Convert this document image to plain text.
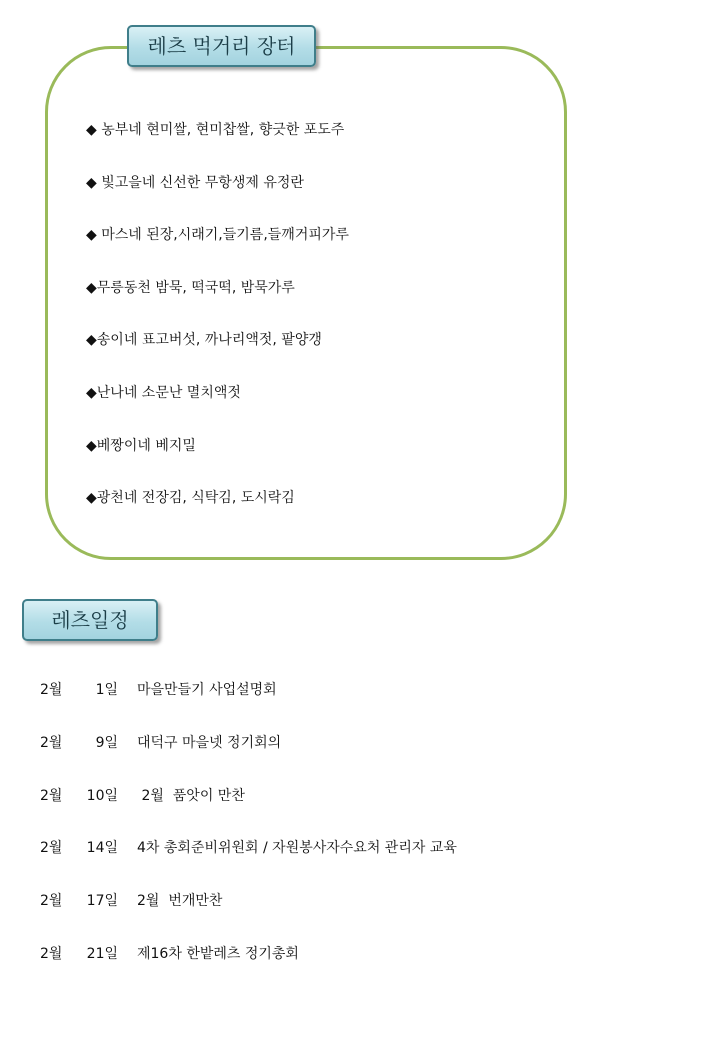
레츠 먹거리 장터
◆ 농부네 현미쌀, 현미찹쌀, 향긋한 포도주
◆ 빛고을네 신선한 무항생제 유정란
◆ 마스네 된장,시래기,들기름,들깨거피가루
◆무릉동천 밤묵, 떡국떡, 밤묵가루
◆송이네 표고버섯, 까나리액젓, 팥양갱
◆난나네 소문난 멸치액젓
◆베짱이네 베지밀
◆광천네 전장김, 식탁김, 도시락김
레츠일정
2월 1일 마을만들기 사업설명회
2월 9일 대덕구 마을넷 정기회의
2월 10일 2월  품앗이 만찬
2월 14일 4차 총회준비위원회 / 자원봉사자수요처 관리자 교육
2월 17일 2월  번개만찬
2월 21일 제16차 한밭레츠 정기총회
